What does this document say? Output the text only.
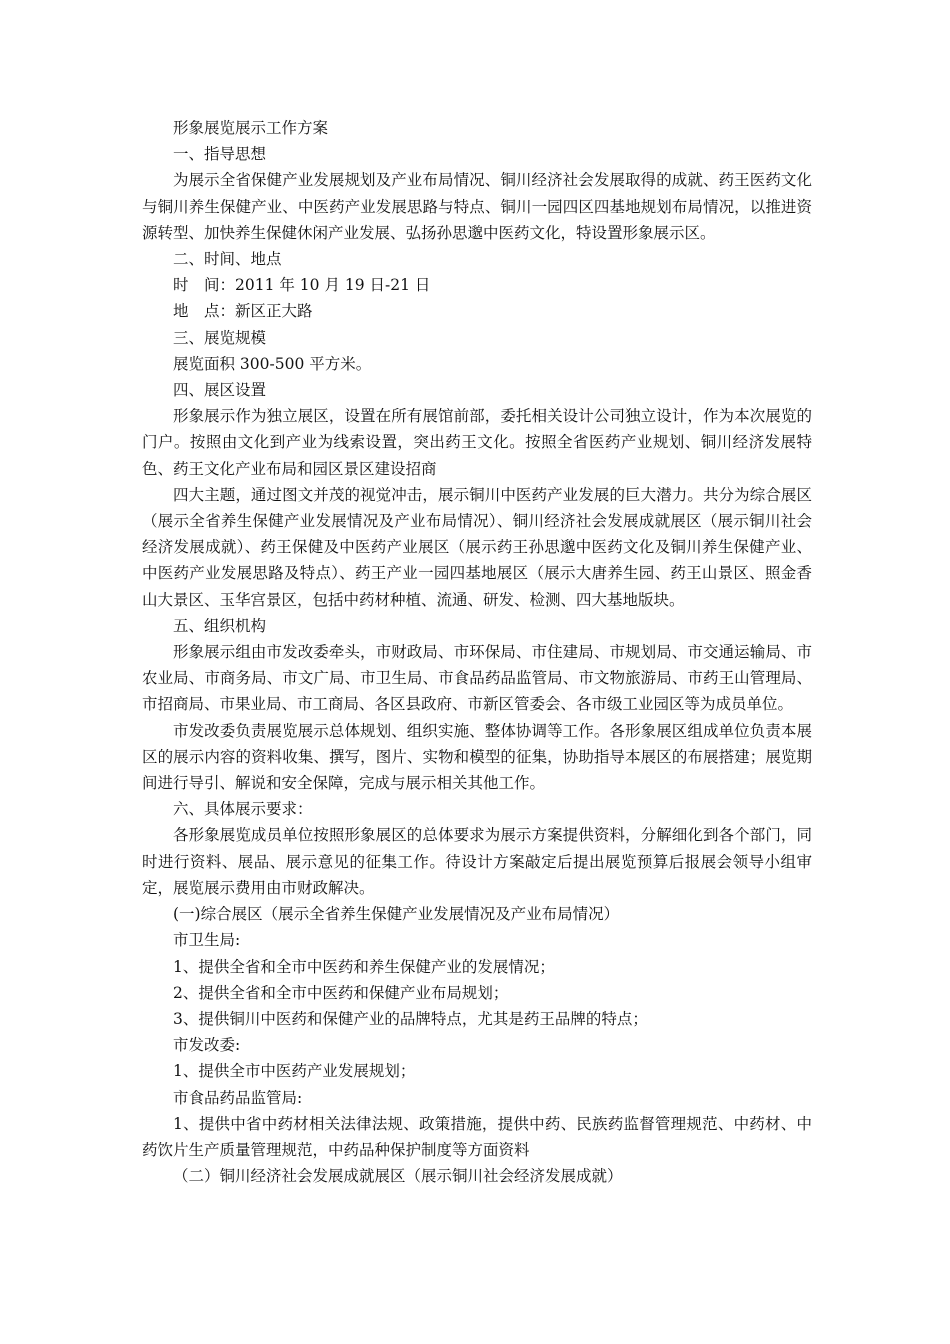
形象展览展示工作方案

一、指导思想

为展示全省保健产业发展规划及产业布局情况、铜川经济社会发展取得的成就、药王医药文化与铜川养生保健产业、中医药产业发展思路与特点、铜川一园四区四基地规划布局情况，以推进资源转型、加快养生保健休闲产业发展、弘扬孙思邈中医药文化，特设置形象展示区。

二、时间、地点

时　间：2011 年 10 月 19 日-21 日

地　点：新区正大路

三、展览规模

展览面积 300-500 平方米。

四、展区设置

形象展示作为独立展区，设置在所有展馆前部，委托相关设计公司独立设计，作为本次展览的门户。按照由文化到产业为线索设置，突出药王文化。按照全省医药产业规划、铜川经济发展特色、药王文化产业布局和园区景区建设招商

四大主题，通过图文并茂的视觉冲击，展示铜川中医药产业发展的巨大潜力。共分为综合展区（展示全省养生保健产业发展情况及产业布局情况）、铜川经济社会发展成就展区（展示铜川社会经济发展成就）、药王保健及中医药产业展区（展示药王孙思邈中医药文化及铜川养生保健产业、中医药产业发展思路及特点）、药王产业一园四基地展区（展示大唐养生园、药王山景区、照金香山大景区、玉华宫景区，包括中药材种植、流通、研发、检测、四大基地版块。

五、组织机构

形象展示组由市发改委牵头，市财政局、市环保局、市住建局、市规划局、市交通运输局、市农业局、市商务局、市文广局、市卫生局、市食品药品监管局、市文物旅游局、市药王山管理局、市招商局、市果业局、市工商局、各区县政府、市新区管委会、各市级工业园区等为成员单位。

市发改委负责展览展示总体规划、组织实施、整体协调等工作。各形象展区组成单位负责本展区的展示内容的资料收集、撰写，图片、实物和模型的征集，协助指导本展区的布展搭建；展览期间进行导引、解说和安全保障，完成与展示相关其他工作。

六、具体展示要求：

各形象展览成员单位按照形象展区的总体要求为展示方案提供资料，分解细化到各个部门，同时进行资料、展品、展示意见的征集工作。待设计方案敲定后提出展览预算后报展会领导小组审定，展览展示费用由市财政解决。

(一)综合展区（展示全省养生保健产业发展情况及产业布局情况）

市卫生局:

1、提供全省和全市中医药和养生保健产业的发展情况；

2、提供全省和全市中医药和保健产业布局规划；

3、提供铜川中医药和保健产业的品牌特点，尤其是药王品牌的特点；

市发改委:

1、提供全市中医药产业发展规划；

市食品药品监管局:

1、提供中省中药材相关法律法规、政策措施，提供中药、民族药监督管理规范、中药材、中药饮片生产质量管理规范，中药品种保护制度等方面资料

（二）铜川经济社会发展成就展区（展示铜川社会经济发展成就）
